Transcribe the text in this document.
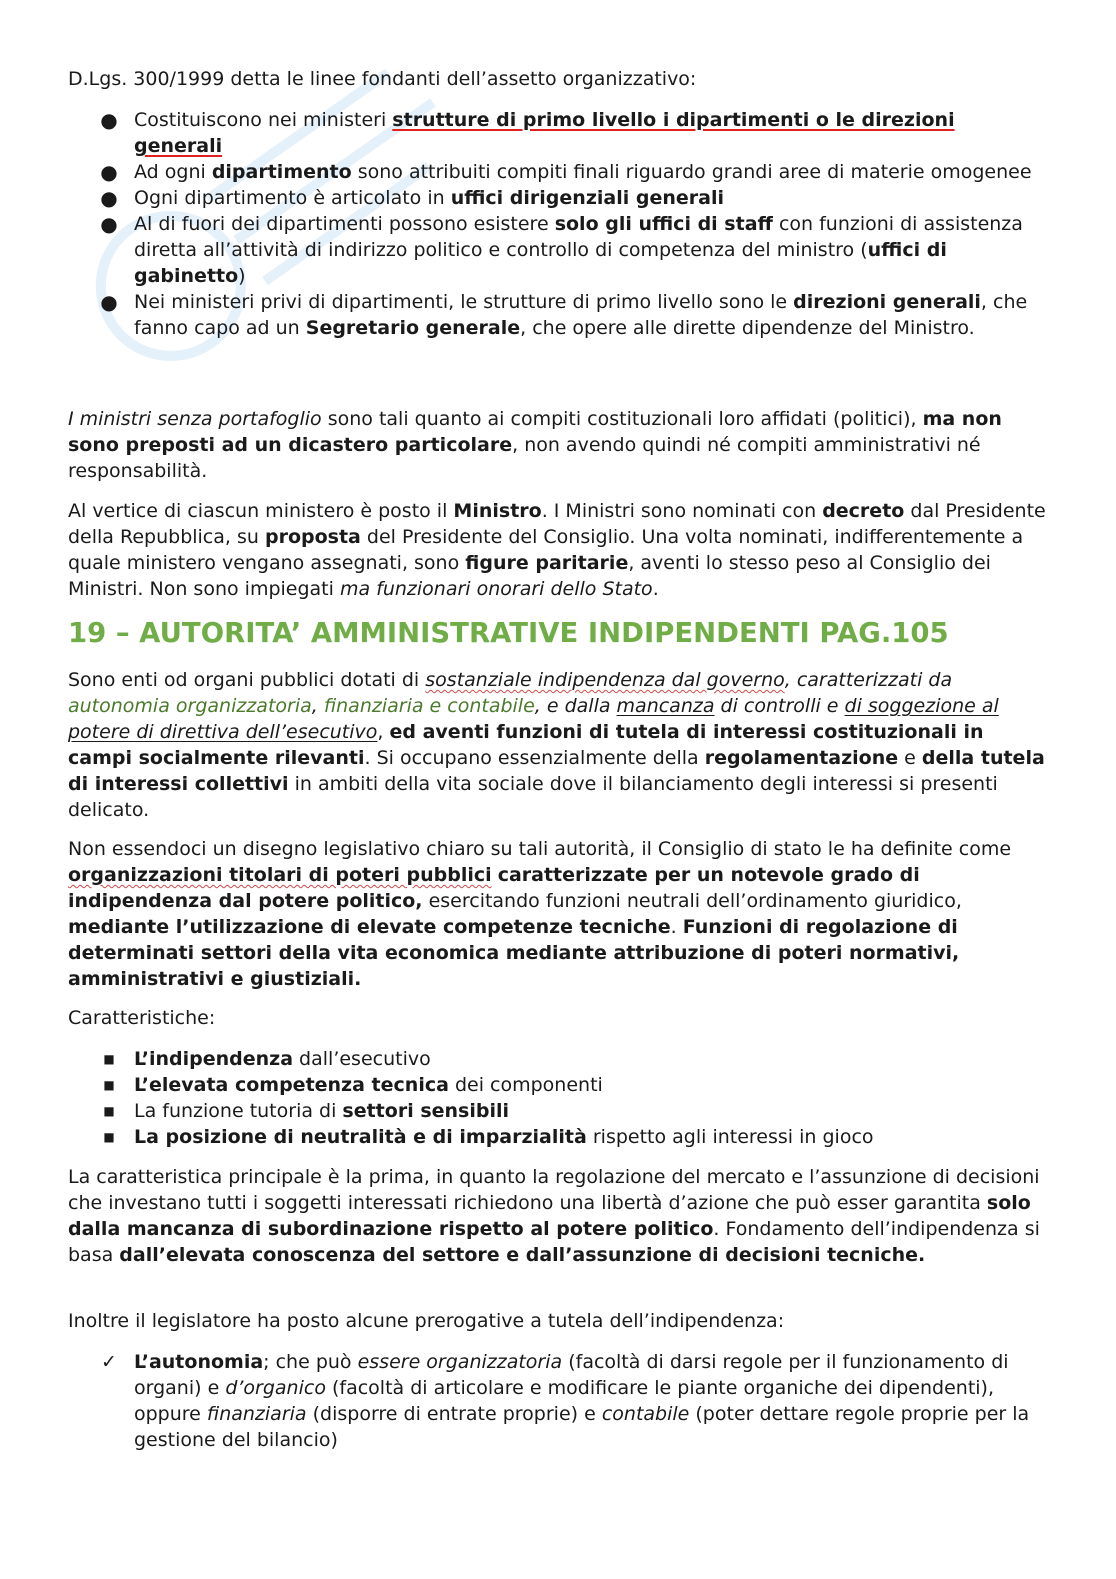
D.Lgs. 300/1999 detta le linee fondanti dell’assetto organizzativo:

● Costituiscono nei ministeri strutture di primo livello i dipartimenti o le direzioni generali
● Ad ogni dipartimento sono attribuiti compiti finali riguardo grandi aree di materie omogenee
● Ogni dipartimento è articolato in uffici dirigenziali generali
● Al di fuori dei dipartimenti possono esistere solo gli uffici di staff con funzioni di assistenza diretta all’attività di indirizzo politico e controllo di competenza del ministro (uffici di gabinetto)
● Nei ministeri privi di dipartimenti, le strutture di primo livello sono le direzioni generali, che fanno capo ad un Segretario generale, che opere alle dirette dipendenze del Ministro.

I ministri senza portafoglio sono tali quanto ai compiti costituzionali loro affidati (politici), ma non sono preposti ad un dicastero particolare, non avendo quindi né compiti amministrativi né responsabilità.

Al vertice di ciascun ministero è posto il Ministro. I Ministri sono nominati con decreto dal Presidente della Repubblica, su proposta del Presidente del Consiglio. Una volta nominati, indifferentemente a quale ministero vengano assegnati, sono figure paritarie, aventi lo stesso peso al Consiglio dei Ministri. Non sono impiegati ma funzionari onorari dello Stato.

19 – AUTORITA’ AMMINISTRATIVE INDIPENDENTI PAG.105

Sono enti od organi pubblici dotati di sostanziale indipendenza dal governo, caratterizzati da autonomia organizzatoria, finanziaria e contabile, e dalla mancanza di controlli e di soggezione al potere di direttiva dell’esecutivo, ed aventi funzioni di tutela di interessi costituzionali in campi socialmente rilevanti. Si occupano essenzialmente della regolamentazione e della tutela di interessi collettivi in ambiti della vita sociale dove il bilanciamento degli interessi si presenti delicato.

Non essendoci un disegno legislativo chiaro su tali autorità, il Consiglio di stato le ha definite come organizzazioni titolari di poteri pubblici caratterizzate per un notevole grado di indipendenza dal potere politico, esercitando funzioni neutrali dell’ordinamento giuridico, mediante l’utilizzazione di elevate competenze tecniche. Funzioni di regolazione di determinati settori della vita economica mediante attribuzione di poteri normativi, amministrativi e giustiziali.

Caratteristiche:

■ L’indipendenza dall’esecutivo
■ L’elevata competenza tecnica dei componenti
■ La funzione tutoria di settori sensibili
■ La posizione di neutralità e di imparzialità rispetto agli interessi in gioco

La caratteristica principale è la prima, in quanto la regolazione del mercato e l’assunzione di decisioni che investano tutti i soggetti interessati richiedono una libertà d’azione che può esser garantita solo dalla mancanza di subordinazione rispetto al potere politico. Fondamento dell’indipendenza si basa dall’elevata conoscenza del settore e dall’assunzione di decisioni tecniche.

Inoltre il legislatore ha posto alcune prerogative a tutela dell’indipendenza:

✓ L’autonomia; che può essere organizzatoria (facoltà di darsi regole per il funzionamento di organi) e d’organico (facoltà di articolare e modificare le piante organiche dei dipendenti), oppure finanziaria (disporre di entrate proprie) e contabile (poter dettare regole proprie per la gestione del bilancio)
